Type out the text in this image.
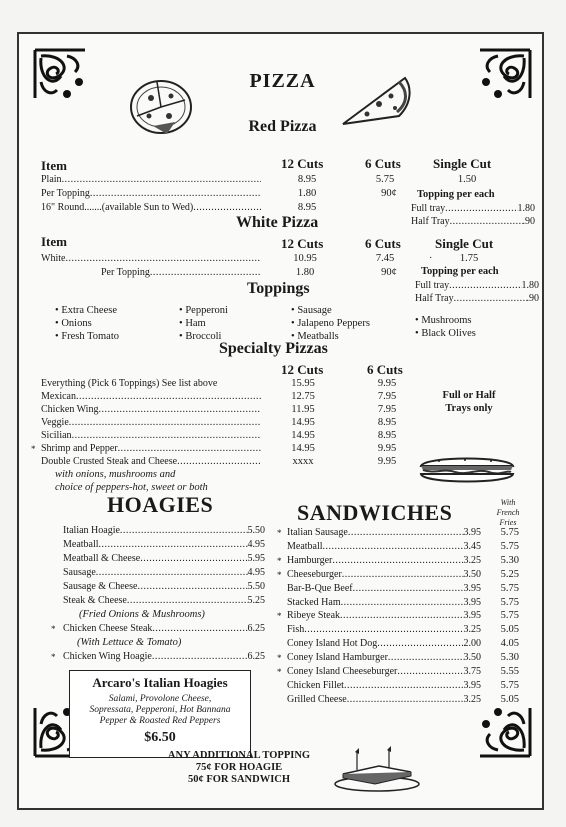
PIZZA
Red Pizza
Item	12 Cuts	6 Cuts Single Cut
Plain .....	8.95	5.75	1.50
Per Topping .....	1.80	90¢
16" Round.......(available Sun to Wed) .....	8.95
Topping per each
Full tray .....	1.80
Half Tray .....	.90
White Pizza
Item	12 Cuts	6 Cuts	Single Cut
White .....	10.95	7.45	·	1.75
Per Topping .....	1.80	90¢	Topping per each
Full tray .....	1.80
Half Tray .....	.90
Toppings
• Extra Cheese
• Onions
• Fresh Tomato
• Pepperoni
• Ham
• Broccoli
• Sausage
• Jalapeno Peppers
• Meatballs
• Mushrooms
• Black Olives
Specialty Pizzas
12 Cuts	6 Cuts
Everything (Pick 6 Toppings) See list above	15.95	9.95
Mexican .....	12.75	7.95
Chicken Wing .....	11.95	7.95
Veggie .....	14.95	8.95
Sicilian .....	14.95	8.95
* Shrimp and Pepper .....	14.95	9.95
Double Crusted Steak and Cheese .....	xxxx	9.95
with onions, mushrooms and
choice of peppers-hot, sweet or both
Full or Half
Trays only
HOAGIES
Italian Hoagie .....	5.50
Meatball .....	4.95
Meatball & Cheese .....	5.95
Sausage .....	4.95
Sausage & Cheese .....	5.50
Steak & Cheese .....	5.25
(Fried Onions & Mushrooms)
* Chicken Cheese Steak .....	6.25
(With Lettuce & Tomato)
* Chicken Wing Hoagie .....	6.25
Arcaro's Italian Hoagies
Salami, Provolone Cheese,
Sopressata, Pepperoni, Hot Bannana
Pepper & Roasted Red Peppers
$6.50
SANDWICHES	With
French
Fries
* Italian Sausage .....	3.95	5.75
Meatball .....	3.45	5.75
* Hamburger .....	3.25	5.30
* Cheeseburger .....	3.50	5.25
Bar-B-Que Beef .....	3.95	5.75
Stacked Ham .....	3.95	5.75
* Ribeye Steak .....	3.95	5.75
Fish .....	3.25	5.05
Coney Island Hot Dog .....	2.00	4.05
* Coney Island Hamburger .....	3.50	5.30
* Coney Island Cheeseburger .....	3.75	5.55
Chicken Fillet .....	3.95	5.75
Grilled Cheese .....	3.25	5.05
ANY ADDITIONAL TOPPING
75¢ FOR HOAGIE
50¢ FOR SANDWICH
